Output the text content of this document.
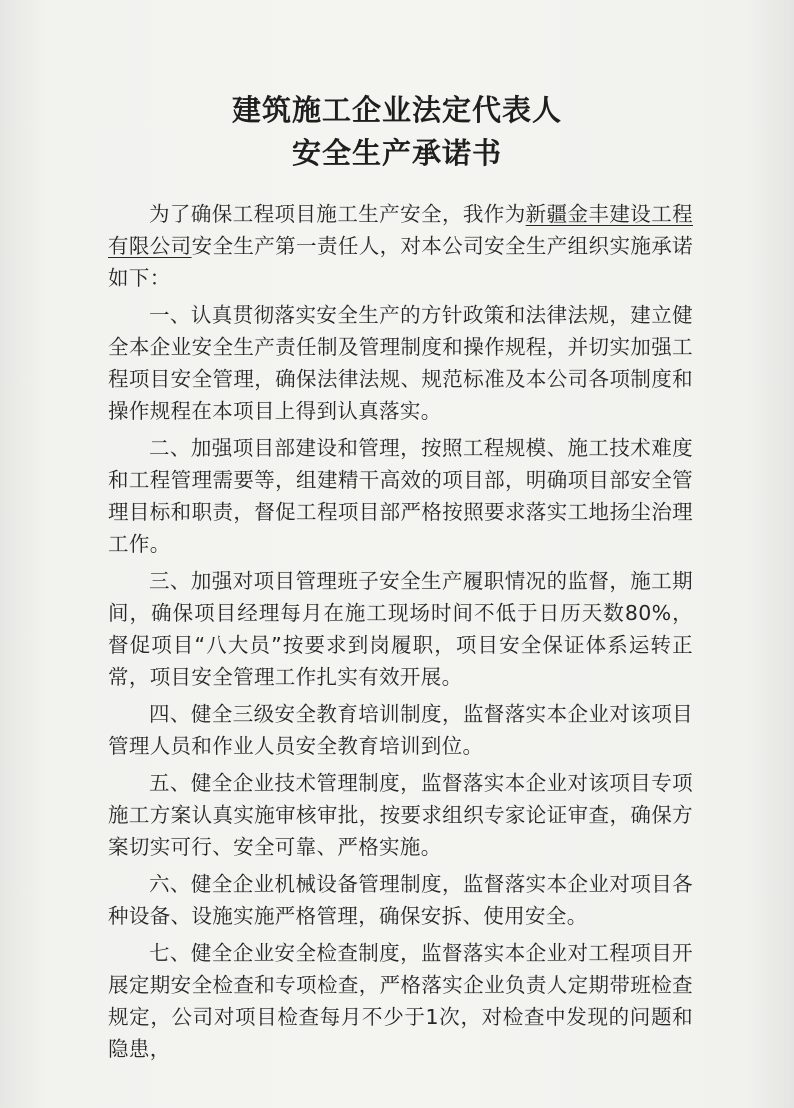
建筑施工企业法定代表人
安全生产承诺书

为了确保工程项目施工生产安全，我作为新疆金丰建设工程有限公司安全生产第一责任人，对本公司安全生产组织实施承诺如下：

一、认真贯彻落实安全生产的方针政策和法律法规，建立健全本企业安全生产责任制及管理制度和操作规程，并切实加强工程项目安全管理，确保法律法规、规范标准及本公司各项制度和操作规程在本项目上得到认真落实。

二、加强项目部建设和管理，按照工程规模、施工技术难度和工程管理需要等，组建精干高效的项目部，明确项目部安全管理目标和职责，督促工程项目部严格按照要求落实工地扬尘治理工作。

三、加强对项目管理班子安全生产履职情况的监督，施工期间，确保项目经理每月在施工现场时间不低于日历天数80%，督促项目“八大员”按要求到岗履职，项目安全保证体系运转正常，项目安全管理工作扎实有效开展。

四、健全三级安全教育培训制度，监督落实本企业对该项目管理人员和作业人员安全教育培训到位。

五、健全企业技术管理制度，监督落实本企业对该项目专项施工方案认真实施审核审批，按要求组织专家论证审查，确保方案切实可行、安全可靠、严格实施。

六、健全企业机械设备管理制度，监督落实本企业对项目各种设备、设施实施严格管理，确保安拆、使用安全。

七、健全企业安全检查制度，监督落实本企业对工程项目开展定期安全检查和专项检查，严格落实企业负责人定期带班检查规定，公司对项目检查每月不少于1次，对检查中发现的问题和隐患，
